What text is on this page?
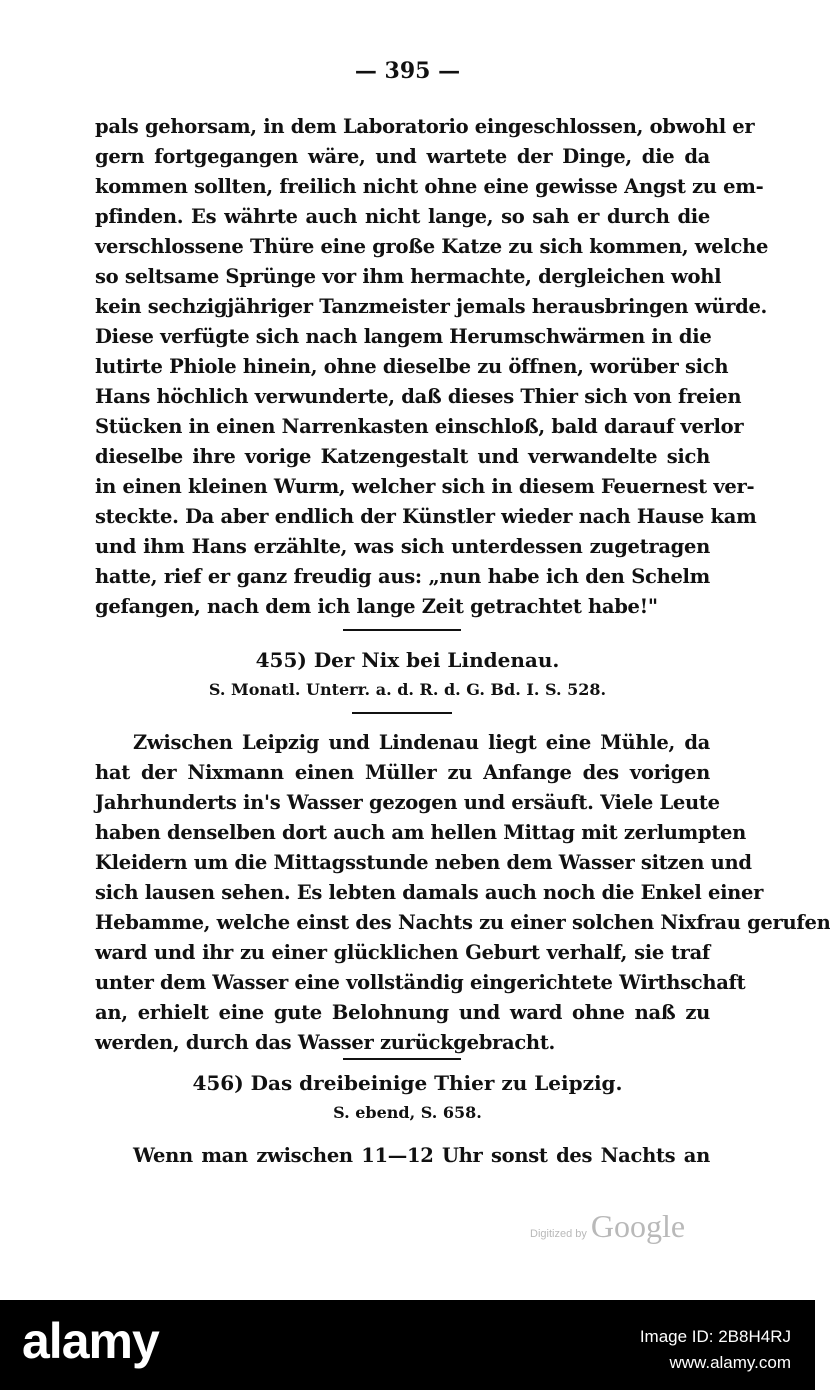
— 395 —
pals gehorsam, in dem Laboratorio eingeschlossen, obwohl er
gern fortgegangen wäre, und wartete der Dinge, die da
kommen sollten, freilich nicht ohne eine gewisse Angst zu em-
pfinden. Es währte auch nicht lange, so sah er durch die
verschlossene Thüre eine große Katze zu sich kommen, welche
so seltsame Sprünge vor ihm hermachte, dergleichen wohl
kein sechzigjähriger Tanzmeister jemals herausbringen würde.
Diese verfügte sich nach langem Herumschwärmen in die
lutirte Phiole hinein, ohne dieselbe zu öffnen, worüber sich
Hans höchlich verwunderte, daß dieses Thier sich von freien
Stücken in einen Narrenkasten einschloß, bald darauf verlor
dieselbe ihre vorige Katzengestalt und verwandelte sich
in einen kleinen Wurm, welcher sich in diesem Feuernest ver-
steckte. Da aber endlich der Künstler wieder nach Hause kam
und ihm Hans erzählte, was sich unterdessen zugetragen
hatte, rief er ganz freudig aus: „nun habe ich den Schelm
gefangen, nach dem ich lange Zeit getrachtet habe!"
455) Der Nix bei Lindenau.
S. Monatl. Unterr. a. d. R. d. G. Bd. I. S. 528.
Zwischen Leipzig und Lindenau liegt eine Mühle, da
hat der Nixmann einen Müller zu Anfange des vorigen
Jahrhunderts in's Wasser gezogen und ersäuft. Viele Leute
haben denselben dort auch am hellen Mittag mit zerlumpten
Kleidern um die Mittagsstunde neben dem Wasser sitzen und
sich lausen sehen. Es lebten damals auch noch die Enkel einer
Hebamme, welche einst des Nachts zu einer solchen Nixfrau gerufen
ward und ihr zu einer glücklichen Geburt verhalf, sie traf
unter dem Wasser eine vollständig eingerichtete Wirthschaft
an, erhielt eine gute Belohnung und ward ohne naß zu
werden, durch das Wasser zurückgebracht.
456) Das dreibeinige Thier zu Leipzig.
S. ebend, S. 658.
Wenn man zwischen 11—12 Uhr sonst des Nachts an
Digitized by Google
alamy	Image ID: 2B8H4RJ
www.alamy.com
